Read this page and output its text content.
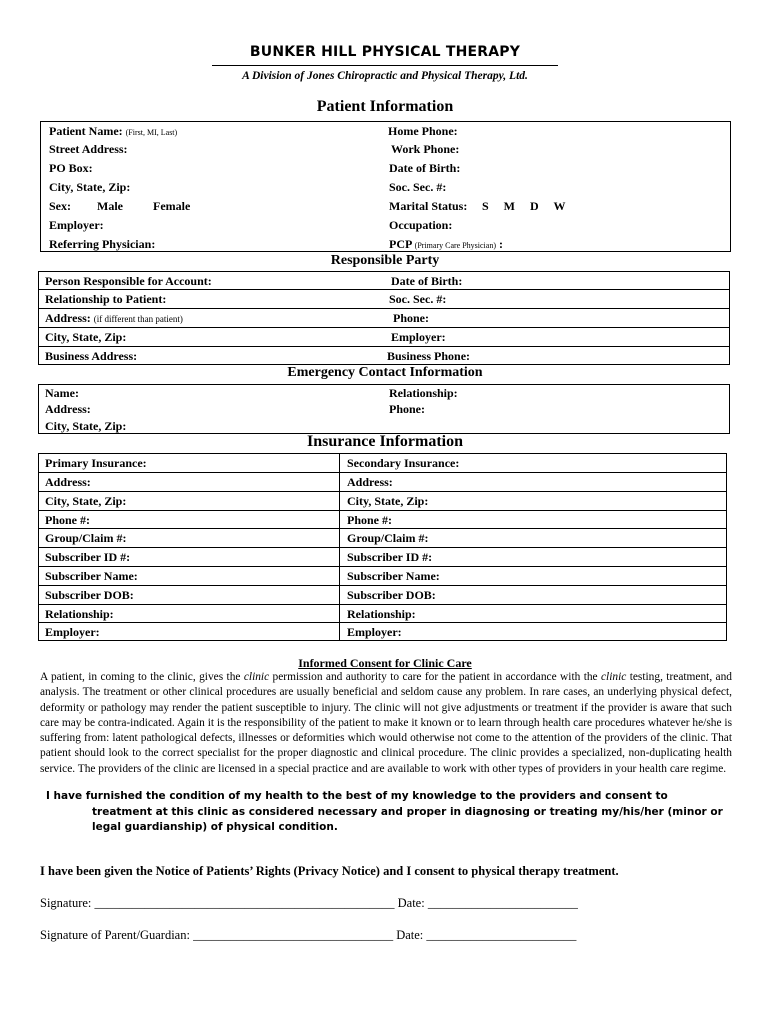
BUNKER HILL PHYSICAL THERAPY
A Division of Jones Chiropractic and Physical Therapy, Ltd.
Patient Information
Patient Name: (First, MI, Last)	Home Phone:
Street Address:	Work Phone:
PO Box:	Date of Birth:
City, State, Zip:	Soc. Sec. #:
Sex: Male	Female	Marital Status: S     M     D     W
Employer:	Occupation:
Referring Physician:	PCP (Primary Care Physician) :
Responsible Party
Person Responsible for Account:	Date of Birth:
Relationship to Patient:	Soc. Sec. #:
Address: (if different than patient)	Phone:
City, State, Zip:	Employer:
Business Address:	Business Phone:
Emergency Contact Information
Name:	Relationship:
Address:	Phone:
City, State, Zip:
Insurance Information
Primary Insurance:	Secondary Insurance:
Address:	Address:
City, State, Zip:	City, State, Zip:
Phone #:	Phone #:
Group/Claim #:	Group/Claim #:
Subscriber ID #:	Subscriber ID #:
Subscriber Name:	Subscriber Name:
Subscriber DOB:	Subscriber DOB:
Relationship:	Relationship:
Employer:	Employer:
Informed Consent for Clinic Care
A patient, in coming to the clinic, gives the clinic permission and authority to care for the patient in accordance with the clinic testing, treatment, and analysis. The treatment or other clinical procedures are usually beneficial and seldom cause any problem. In rare cases, an underlying physical defect, deformity or pathology may render the patient susceptible to injury. The clinic will not give adjustments or treatment if the provider is aware that such care may be contra-indicated. Again it is the responsibility of the patient to make it known or to learn through health care procedures whatever he/she is suffering from: latent pathological defects, illnesses or deformities which would otherwise not come to the attention of the providers of the clinic. That patient should look to the correct specialist for the proper diagnostic and clinical procedure. The clinic provides a specialized, non-duplicating health service. The providers of the clinic are licensed in a special practice and are available to work with other types of providers in your health care regime.
I have furnished the condition of my health to the best of my knowledge to the providers and consent to
treatment at this clinic as considered necessary and proper in diagnosing or treating my/his/her (minor or
legal guardianship) of physical condition.
I have been given the Notice of Patients’ Rights (Privacy Notice) and I consent to physical therapy treatment.
Signature: ________________________________________________ Date: ________________________
Signature of Parent/Guardian: ________________________________ Date: ________________________
